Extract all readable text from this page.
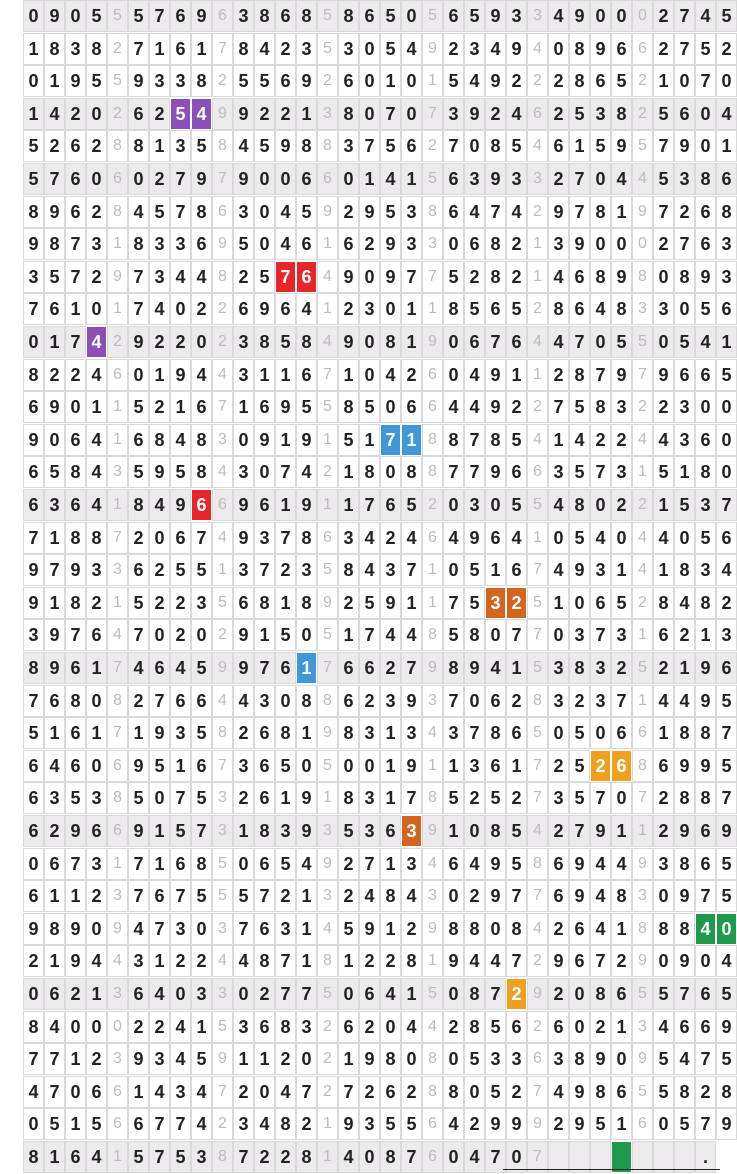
0 9 0 5 5 5 7 6 9 6 3 8 6 8 5 8 6 5 0 5 6 5 9 3 3 4 9 0 0 0 2 7 4 5
1 8 3 8 2 7 1 6 1 7 8 4 2 3 5 3 0 5 4 9 2 3 4 9 4 0 8 9 6 6 2 7 5 2
0 1 9 5 5 9 3 3 8 2 5 5 6 9 2 6 0 1 0 1 5 4 9 2 2 2 8 6 5 2 1 0 7 0
1 4 2 0 2 6 2 5 4 9 9 2 2 1 3 8 0 7 0 7 3 9 2 4 6 2 5 3 8 2 5 6 0 4
5 2 6 2 8 8 1 3 5 8 4 5 9 8 8 3 7 5 6 2 7 0 8 5 4 6 1 5 9 5 7 9 0 1
5 7 6 0 6 0 2 7 9 7 9 0 0 6 6 0 1 4 1 5 6 3 9 3 3 2 7 0 4 4 5 3 8 6
8 9 6 2 8 4 5 7 8 6 3 0 4 5 9 2 9 5 3 8 6 4 7 4 2 9 7 8 1 9 7 2 6 8
9 8 7 3 1 8 3 3 6 9 5 0 4 6 1 6 2 9 3 3 0 6 8 2 1 3 9 0 0 0 2 7 6 3
3 5 7 2 9 7 3 4 4 8 2 5 7 6 4 9 0 9 7 7 5 2 8 2 1 4 6 8 9 8 0 8 9 3
7 6 1 0 1 7 4 0 2 2 6 9 6 4 1 2 3 0 1 1 8 5 6 5 2 8 6 4 8 3 3 0 5 6
0 1 7 4 2 9 2 2 0 2 3 8 5 8 4 9 0 8 1 9 0 6 7 6 4 4 7 0 5 5 0 5 4 1
8 2 2 4 6 0 1 9 4 4 3 1 1 6 7 1 0 4 2 6 0 4 9 1 1 2 8 7 9 7 9 6 6 5
6 9 0 1 1 5 2 1 6 7 1 6 9 5 5 8 5 0 6 6 4 4 9 2 2 7 5 8 3 2 2 3 0 0
9 0 6 4 1 6 8 4 8 3 0 9 1 9 1 5 1 7 1 8 8 7 8 5 4 1 4 2 2 4 4 3 6 0
6 5 8 4 3 5 9 5 8 4 3 0 7 4 2 1 8 0 8 8 7 7 9 6 6 3 5 7 3 1 5 1 8 0
6 3 6 4 1 8 4 9 6 6 9 6 1 9 1 1 7 6 5 2 0 3 0 5 5 4 8 0 2 2 1 5 3 7
7 1 8 8 7 2 0 6 7 4 9 3 7 8 6 3 4 2 4 6 4 9 6 4 1 0 5 4 0 4 4 0 5 6
9 7 9 3 3 6 2 5 5 1 3 7 2 3 5 8 4 3 7 1 0 5 1 6 7 4 9 3 1 4 1 8 3 4
9 1 8 2 1 5 2 2 3 5 6 8 1 8 9 2 5 9 1 1 7 5 3 2 5 1 0 6 5 2 8 4 8 2
3 9 7 6 4 7 0 2 0 2 9 1 5 0 5 1 7 4 4 8 5 8 0 7 7 0 3 7 3 1 6 2 1 3
8 9 6 1 7 4 6 4 5 9 9 7 6 1 7 6 6 2 7 9 8 9 4 1 5 3 8 3 2 5 2 1 9 6
7 6 8 0 8 2 7 6 6 4 4 3 0 8 8 6 2 3 9 3 7 0 6 2 8 3 2 3 7 1 4 4 9 5
5 1 6 1 7 1 9 3 5 8 2 6 8 1 9 8 3 1 3 4 3 7 8 6 5 0 5 0 6 6 1 8 8 7
6 4 6 0 6 9 5 1 6 7 3 6 5 0 5 0 0 1 9 1 1 3 6 1 7 2 5 2 6 8 6 9 9 5
6 3 5 3 8 5 0 7 5 3 2 6 1 9 1 8 3 1 7 8 5 2 5 2 7 3 5 7 0 7 2 8 8 7
6 2 9 6 6 9 1 5 7 3 1 8 3 9 3 5 3 6 3 9 1 0 8 5 4 2 7 9 1 1 2 9 6 9
0 6 7 3 1 7 1 6 8 5 0 6 5 4 9 2 7 1 3 4 6 4 9 5 8 6 9 4 4 9 3 8 6 5
6 1 1 2 3 7 6 7 5 5 5 7 2 1 3 2 4 8 4 3 0 2 9 7 7 6 9 4 8 3 0 9 7 5
9 8 9 0 9 4 7 3 0 3 7 6 3 1 4 5 9 1 2 9 8 8 0 8 4 2 6 4 1 8 8 8 4 0
2 1 9 4 4 3 1 2 2 4 4 8 7 1 8 1 2 2 8 1 9 4 4 7 2 9 6 7 2 9 0 9 0 4
0 6 2 1 3 6 4 0 3 3 0 2 7 7 5 0 6 4 1 5 0 8 7 2 9 2 0 8 6 5 5 7 6 5
8 4 0 0 0 2 2 4 1 5 3 6 8 3 2 6 2 0 4 4 2 8 5 6 2 6 0 2 1 3 4 6 6 9
7 7 1 2 3 9 3 4 5 9 1 1 2 0 2 1 9 8 0 8 0 5 3 3 6 3 8 9 0 9 5 4 7 5
4 7 0 6 6 1 4 3 4 7 2 0 4 7 2 7 2 6 2 8 8 0 5 2 7 4 9 8 6 5 5 8 2 8
0 5 1 5 6 6 7 7 4 2 3 4 8 2 1 9 3 5 5 6 4 2 9 9 9 2 9 5 1 6 0 5 7 9
8 1 6 4 1 5 7 5 3 8 7 2 2 8 1 4 0 8 7 6 0 4 7 0 7	.
